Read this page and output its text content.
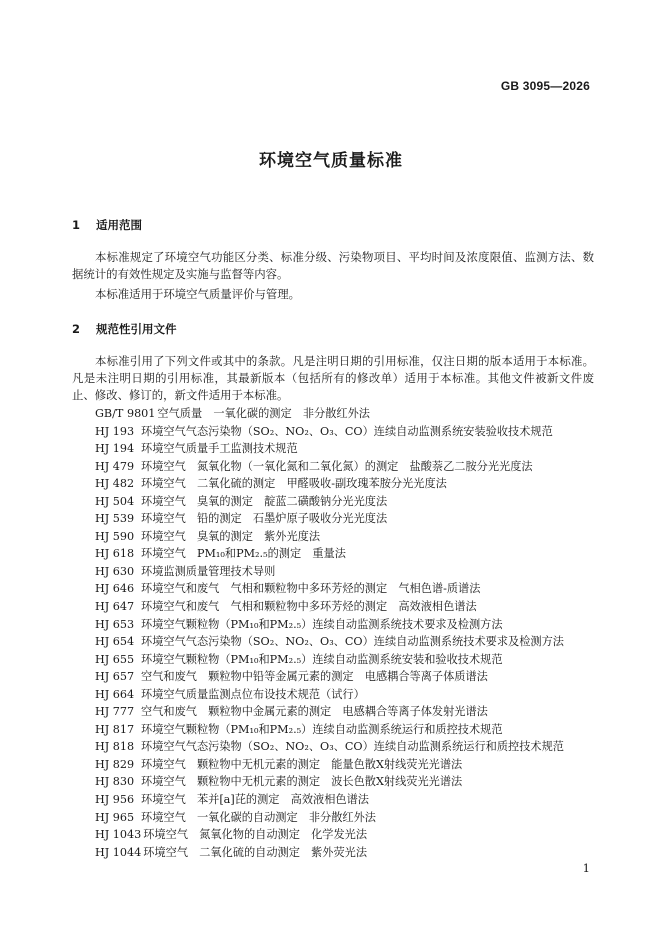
GB 3095—2026
环境空气质量标准
1 适用范围

本标准规定了环境空气功能区分类、标准分级、污染物项目、平均时间及浓度限值、监测方法、数据统计的有效性规定及实施与监督等内容。

本标准适用于环境空气质量评价与管理。

2 规范性引用文件

本标准引用了下列文件或其中的条款。凡是注明日期的引用标准，仅注日期的版本适用于本标准。凡是未注明日期的引用标准，其最新版本（包括所有的修改单）适用于本标准。其他文件被新文件废止、修改、修订的，新文件适用于本标准。

GB/T 9801 空气质量　一氧化碳的测定　非分散红外法
HJ 193 环境空气气态污染物（SO₂、NO₂、O₃、CO）连续自动监测系统安装验收技术规范
HJ 194 环境空气质量手工监测技术规范
HJ 479 环境空气　氮氧化物（一氧化氮和二氧化氮）的测定　盐酸萘乙二胺分光光度法
HJ 482 环境空气　二氧化硫的测定　甲醛吸收-副玫瑰苯胺分光光度法
HJ 504 环境空气　臭氧的测定　靛蓝二磺酸钠分光光度法
HJ 539 环境空气　铅的测定　石墨炉原子吸收分光光度法
HJ 590 环境空气　臭氧的测定　紫外光度法
HJ 618 环境空气　PM₁₀和PM₂.₅的测定　重量法
HJ 630 环境监测质量管理技术导则
HJ 646 环境空气和废气　气相和颗粒物中多环芳烃的测定　气相色谱-质谱法
HJ 647 环境空气和废气　气相和颗粒物中多环芳烃的测定　高效液相色谱法
HJ 653 环境空气颗粒物（PM₁₀和PM₂.₅）连续自动监测系统技术要求及检测方法
HJ 654 环境空气气态污染物（SO₂、NO₂、O₃、CO）连续自动监测系统技术要求及检测方法
HJ 655 环境空气颗粒物（PM₁₀和PM₂.₅）连续自动监测系统安装和验收技术规范
HJ 657 空气和废气　颗粒物中铅等金属元素的测定　电感耦合等离子体质谱法
HJ 664 环境空气质量监测点位布设技术规范（试行）
HJ 777 空气和废气　颗粒物中金属元素的测定　电感耦合等离子体发射光谱法
HJ 817 环境空气颗粒物（PM₁₀和PM₂.₅）连续自动监测系统运行和质控技术规范
HJ 818 环境空气气态污染物（SO₂、NO₂、O₃、CO）连续自动监测系统运行和质控技术规范
HJ 829 环境空气　颗粒物中无机元素的测定　能量色散X射线荧光光谱法
HJ 830 环境空气　颗粒物中无机元素的测定　波长色散X射线荧光光谱法
HJ 956 环境空气　苯并[a]芘的测定　高效液相色谱法
HJ 965 环境空气　一氧化碳的自动测定　非分散红外法
HJ 1043 环境空气　氮氧化物的自动测定　化学发光法
HJ 1044 环境空气　二氧化硫的自动测定　紫外荧光法
1
